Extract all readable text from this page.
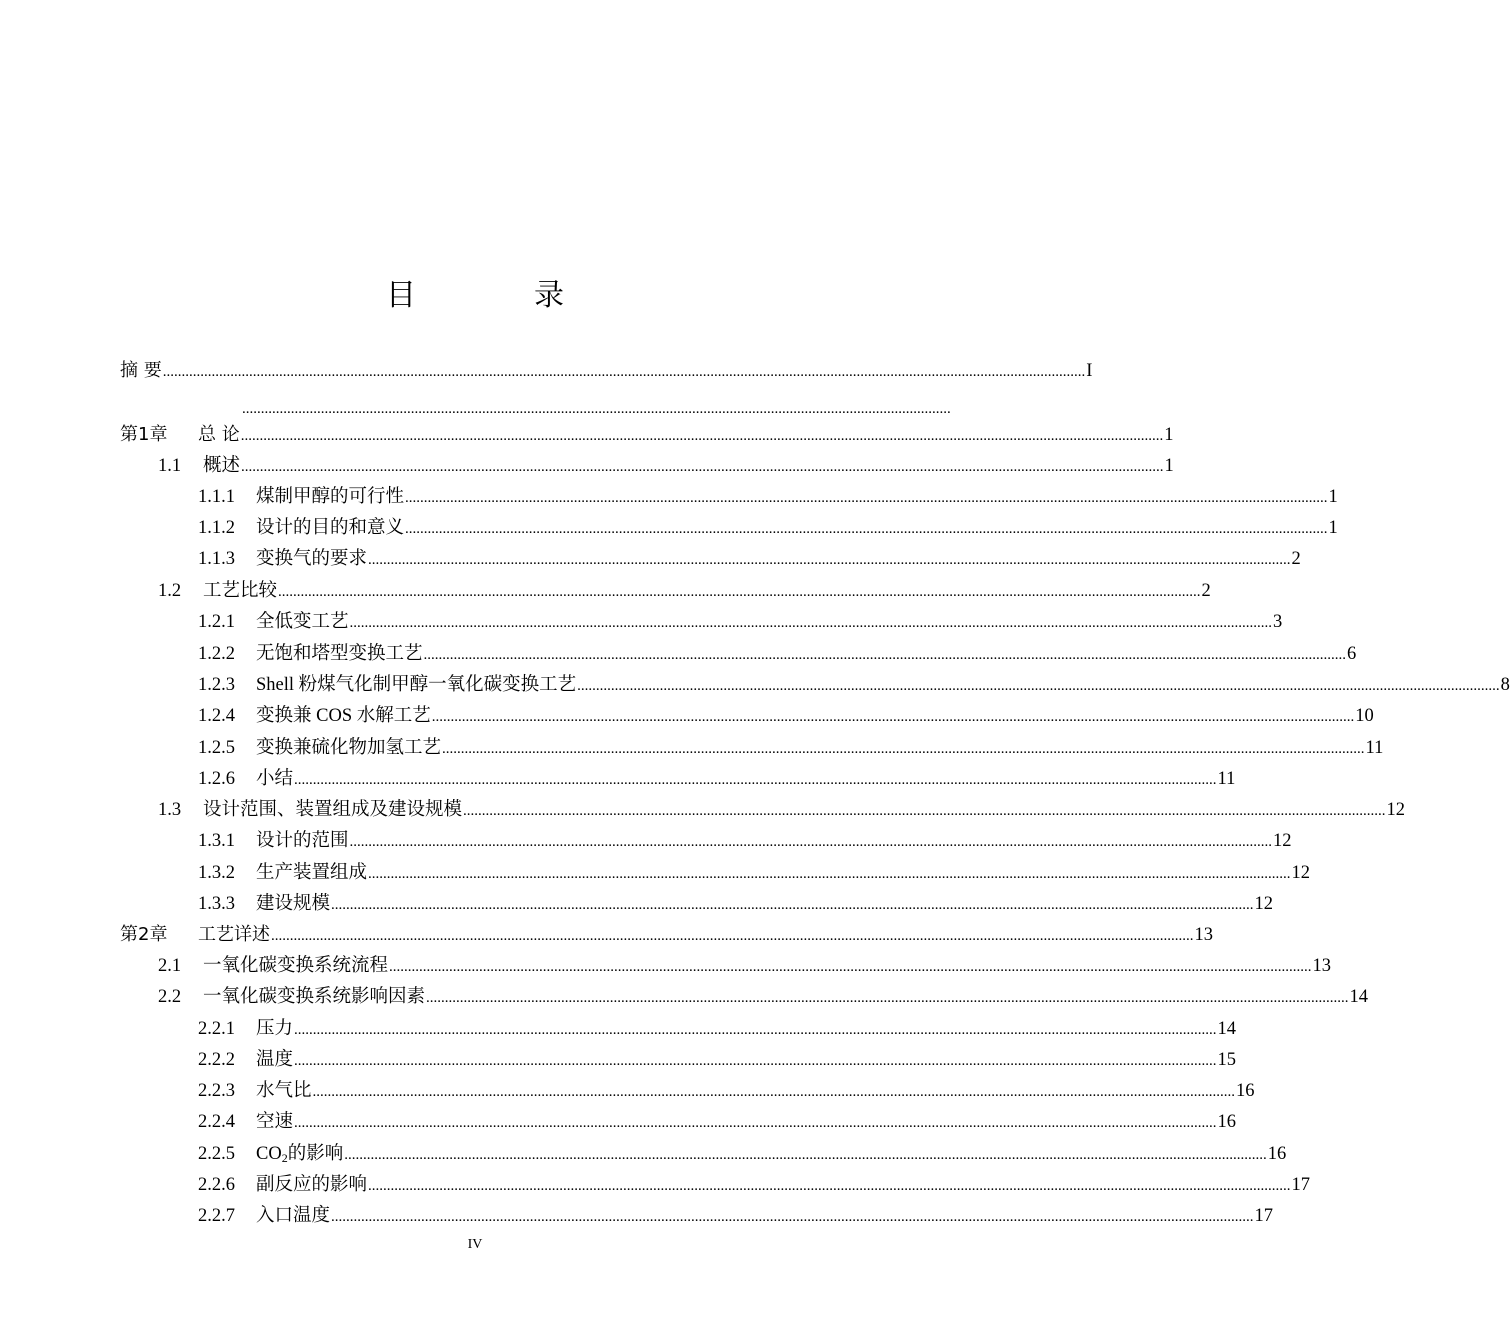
目　录
.............................................................................................................................................................................................
摘 要 .....	I
第1章	总 论 .....	1
1.1	概述 .....	1
1.1.1	煤制甲醇的可行性 .....	1
1.1.2	设计的目的和意义 .....	1
1.1.3	变换气的要求 .....	2
1.2	工艺比较 .....	2
1.2.1	全低变工艺 .....	3
1.2.2	无饱和塔型变换工艺 .....	6
1.2.3	Shell 粉煤气化制甲醇一氧化碳变换工艺 .....	8
1.2.4	变换兼 COS 水解工艺 .....	10
1.2.5	变换兼硫化物加氢工艺 .....	11
1.2.6	小结 .....	11
1.3	设计范围、装置组成及建设规模 .....	12
1.3.1	设计的范围 .....	12
1.3.2	生产装置组成 .....	12
1.3.3	建设规模 .....	12
第2章	工艺详述 .....	13
2.1	一氧化碳变换系统流程 .....	13
2.2	一氧化碳变换系统影响因素 .....	14
2.2.1	压力 .....	14
2.2.2	温度 .....	15
2.2.3	水气比 .....	16
2.2.4	空速 .....	16
2.2.5	$CO_2$的影响 .....	16
2.2.6	副反应的影响 .....	17
2.2.7	入口温度 .....	17
IV
